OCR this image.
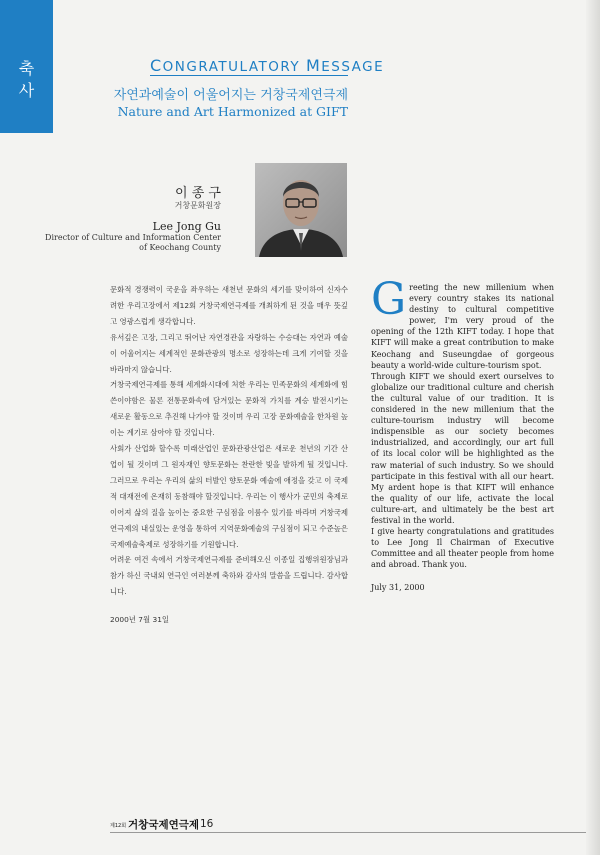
축
사
CONGRATULATORY MESSAGE
자연과예술이 어울어지는 거창국제연극제
Nature and Art Harmonized at GIFT
이 종 구
거창문화원장
Lee Jong Gu
Director of Culture and Information Center
of Keochang County

문화적 경쟁력이 국운을 좌우하는 새천년 문화의 세기를 맞이하여 신자수려한 우리고장에서 제12회 거창국제연극제를 개최하게 된 것을 매우 뜻깊고 영광스럽게 생각합니다.

유서깊은 고장, 그리고 뛰어난 자연경관을 자랑하는 수승대는 자연과 예술이 어울어지는 세계적인 문화관광의 명소로 성장하는데 크게 기여할 것을 바라마지 않습니다.

거창국제연극제를 통해 세계화시대에 처한 우리는 민족문화의 세계화에 힘쓴이야함은 물론 전통문화속에 담겨있는 문화적 가치를 계승 발전시키는 새로운 활동으로 추진해 나가야 할 것이며 우리 고장 문화예술을 한차원 높이는 계기로 삼아야 할 것입니다.

사회가 산업화 할수록 미래산업인 문화관광산업은 새로운 천년의 기간 산업이 될 것이며 그 원자재인 향토문화는 찬란한 빛을 발하게 될 것입니다. 그러므로 우리는 우리의 삶의 터발인 향토문화 예술에 애정을 갖고 이 국제적 대재전에 온재히 동참해야 할것입니다. 우리는 이 행사가 군민의 축제로 이어져 삶의 질을 높이는 중요한 구심점을 이룸수 있기를 바라며 거창국제연극제의 내실있는 운영을 통하여 지역문화예술의 구심점이 되고 수준높은 국제예술축제로 성장하기를 기원합니다.

어려운 여건 속에서 거창국제연극제를 준비해오신 이종일 집행위원장님과 참가 하신 국내외 연극인 여러분께 축하와 감사의 말씀을 드립니다. 감사합니다.

2000년 7월 31일

Greeting the new millenium when every country stakes its national destiny to cultural competitive power, I'm very proud of the opening of the 12th KIFT today. I hope that KIFT will make a great contribution to make Keochang and Suseungdae of gorgeous beauty a world-wide culture-tourism spot.

Through KIFT we should exert ourselves to globalize our traditional culture and cherish the cultural value of our tradition. It is considered in the new millenium that the culture-tourism industry will become indispensible as our society becomes industrialized, and accordingly, our art full of its local color will be highlighted as the raw material of such industry. So we should participate in this festival with all our heart. My ardent hope is that KIFT will enhance the quality of our life, activate the local culture-art, and ultimately be the best art festival in the world.

I give hearty congratulations and gratitudes to Lee Jong Il Chairman of Executive Committee and all theater people from home and abroad. Thank you.

July 31, 2000

제12회 거창국제연극제 16
